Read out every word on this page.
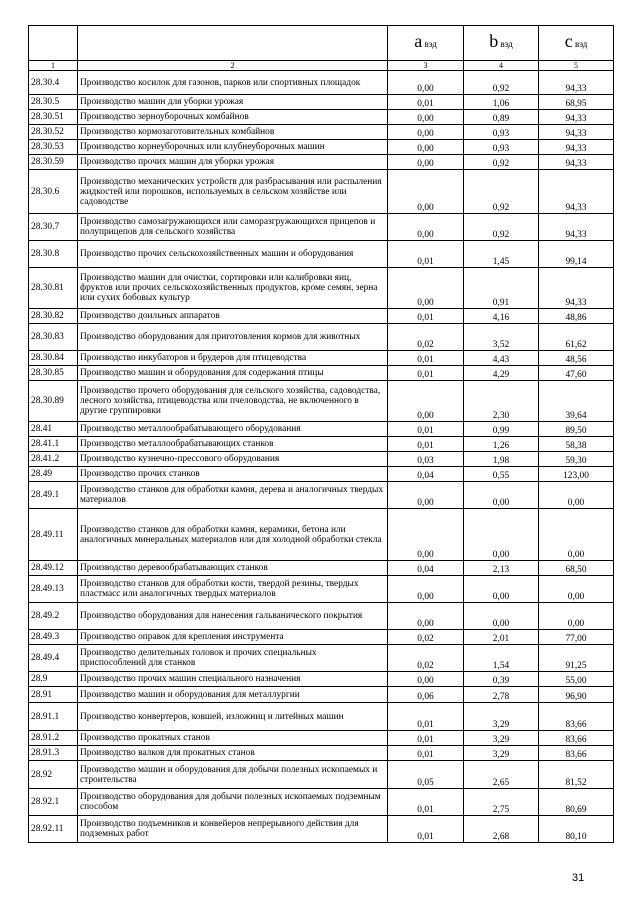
		a вэд	b вэд	c вэд
1	2	3	4	5
28.30.4	Производство косилок для газонов, парков или спортивных площадок	0,00	0,92	94,33
28.30.5	Производство машин для уборки урожая	0,01	1,06	68,95
28.30.51	Производство зерноуборочных комбайнов	0,00	0,89	94,33
28.30.52	Производство кормозаготовительных комбайнов	0,00	0,93	94,33
28.30.53	Производство корнеуборочных или клубнеуборочных машин	0,00	0,93	94,33
28.30.59	Производство прочих машин для уборки урожая	0,00	0,92	94,33
28.30.6	Производство механических устройств для разбрасывания или распыления жидкостей или порошков, используемых в сельском хозяйстве или садоводстве	0,00	0,92	94,33
28.30.7	Производство самозагружающихся или саморазгружающихся прицепов и полуприцепов для сельского хозяйства	0,00	0,92	94,33
28.30.8	Производство прочих сельскохозяйственных машин и оборудования	0,01	1,45	99,14
28.30.81	Производство машин для очистки, сортировки или калибровки яиц, фруктов или прочих сельскохозяйственных продуктов, кроме семян, зерна или сухих бобовых культур	0,00	0,91	94,33
28.30.82	Производство доильных аппаратов	0,01	4,16	48,86
28.30.83	Производство оборудования для приготовления кормов для животных	0,02	3,52	61,62
28.30.84	Производство инкубаторов и брудеров для птицеводства	0,01	4,43	48,56
28.30.85	Производство машин и оборудования для содержания птицы	0,01	4,29	47,60
28.30.89	Производство прочего оборудования для сельского хозяйства, садоводства, лесного хозяйства, птицеводства или пчеловодства, не включенного в другие группировки	0,00	2,30	39,64
28.41	Производство металлообрабатывающего оборудования	0,01	0,99	89,50
28.41.1	Производство металлообрабатывающих станков	0,01	1,26	58,38
28.41.2	Производство кузнечно-прессового оборудования	0,03	1,98	59,30
28.49	Производство прочих станков	0,04	0,55	123,00
28.49.1	Производство станков для обработки камня, дерева и аналогичных твердых материалов	0,00	0,00	0,00
28.49.11	Производство станков для обработки камня, керамики, бетона или аналогичных минеральных материалов или для холодной обработки стекла	0,00	0,00	0,00
28.49.12	Производство деревообрабатывающих станков	0,04	2,13	68,50
28.49.13	Производство станков для обработки кости, твердой резины, твердых пластмасс или аналогичных твердых материалов	0,00	0,00	0,00
28.49.2	Производство оборудования для нанесения гальванического покрытия	0,00	0,00	0,00
28.49.3	Производство оправок для крепления инструмента	0,02	2,01	77,00
28.49.4	Производство делительных головок и прочих специальных приспособлений для станков	0,02	1,54	91,25
28.9	Производство прочих машин специального назначения	0,00	0,39	55,00
28.91	Производство машин и оборудования для металлургии	0,06	2,78	96,90
28.91.1	Производство конвертеров, ковшей, изложниц и литейных машин	0,01	3,29	83,66
28.91.2	Производство прокатных станов	0,01	3,29	83,66
28.91.3	Производство валков для прокатных станов	0,01	3,29	83,66
28.92	Производство машин и оборудования для добычи полезных ископаемых и строительства	0,05	2,65	81,52
28.92.1	Производство оборудования для добычи полезных ископаемых подземным способом	0,01	2,75	80,69
28.92.11	Производство подъемников и конвейеров непрерывного действия для подземных работ	0,01	2,68	80,10
31
